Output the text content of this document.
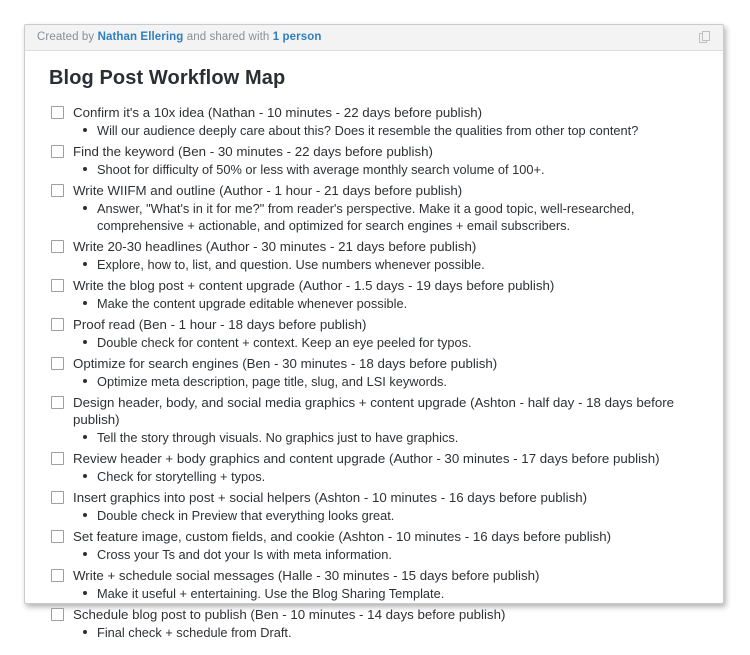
Created by Nathan Ellering and shared with 1 person
Blog Post Workflow Map
Confirm it's a 10x idea (Nathan - 10 minutes - 22 days before publish)
Will our audience deeply care about this? Does it resemble the qualities from other top content?
Find the keyword (Ben - 30 minutes - 22 days before publish)
Shoot for difficulty of 50% or less with average monthly search volume of 100+.
Write WIIFM and outline (Author - 1 hour - 21 days before publish)
Answer, "What's in it for me?" from reader's perspective. Make it a good topic, well-researched, comprehensive + actionable, and optimized for search engines + email subscribers.
Write 20-30 headlines (Author - 30 minutes - 21 days before publish)
Explore, how to, list, and question. Use numbers whenever possible.
Write the blog post + content upgrade (Author - 1.5 days - 19 days before publish)
Make the content upgrade editable whenever possible.
Proof read (Ben - 1 hour - 18 days before publish)
Double check for content + context. Keep an eye peeled for typos.
Optimize for search engines (Ben - 30 minutes - 18 days before publish)
Optimize meta description, page title, slug, and LSI keywords.
Design header, body, and social media graphics + content upgrade (Ashton - half day - 18 days before publish)
Tell the story through visuals. No graphics just to have graphics.
Review header + body graphics and content upgrade (Author - 30 minutes - 17 days before publish)
Check for storytelling + typos.
Insert graphics into post + social helpers (Ashton - 10 minutes - 16 days before publish)
Double check in Preview that everything looks great.
Set feature image, custom fields, and cookie (Ashton - 10 minutes - 16 days before publish)
Cross your Ts and dot your Is with meta information.
Write + schedule social messages (Halle - 30 minutes - 15 days before publish)
Make it useful + entertaining. Use the Blog Sharing Template.
Schedule blog post to publish (Ben - 10 minutes - 14 days before publish)
Final check + schedule from Draft.
